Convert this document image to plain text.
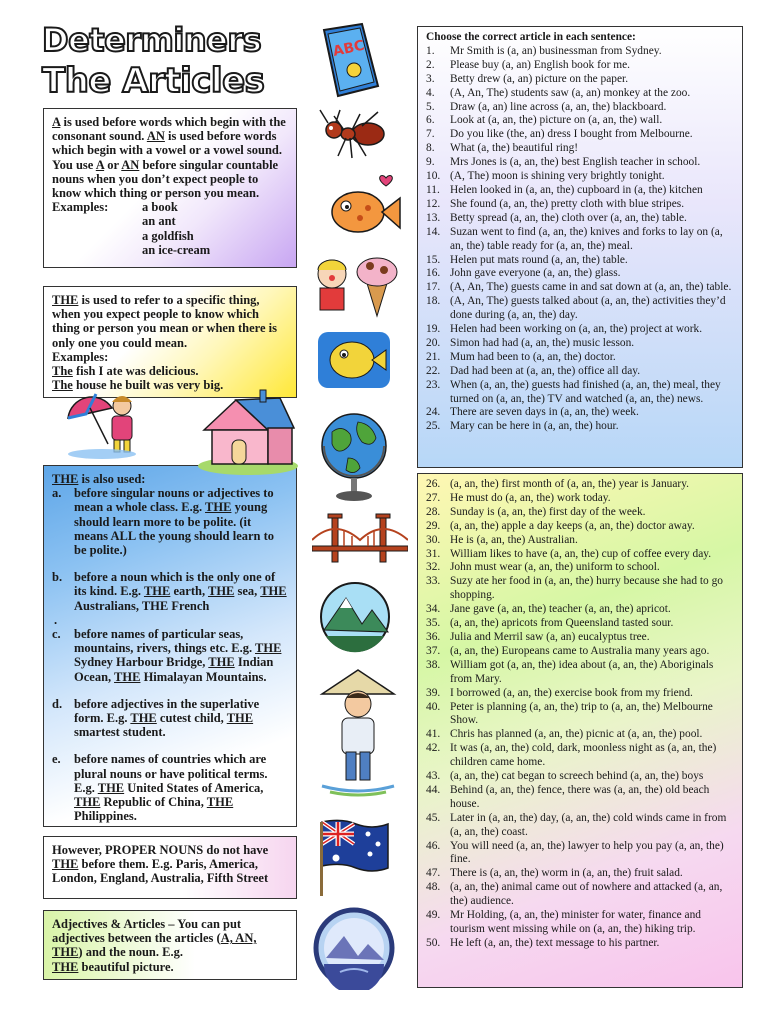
Determiners
The Articles
A is used before words which begin with the consonant sound. AN is used before words which begin with a vowel or a vowel sound. You use A or AN before singular countable nouns when you don’t expect people to know which thing or person you mean.
Examples:	a book
an ant
a goldfish
an ice-cream
THE is used to refer to a specific thing, when you expect people to know which thing or person you mean or when there is only one you could mean.
Examples:
The fish I ate was delicious.
The house he built was very big.
THE is also used:
a.	before singular nouns or adjectives to mean a whole class. E.g. THE young should learn more to be polite. (it means ALL the young should learn to be polite.)
b. before a noun which is the only one of its kind. E.g. THE earth, THE sea, THE Australians, THE French
.
c.	before names of particular seas, mountains, rivers, things etc. E.g. THE Sydney Harbour Bridge, THE Indian Ocean, THE Himalayan Mountains.
d. before adjectives in the superlative form. E.g. THE cutest child, THE smartest student.
e.	before names of countries which are plural nouns or have political terms. E.g. THE United States of America, THE Republic of China, THE Philippines.
However, PROPER NOUNS do not have THE before them. E.g. Paris, America, London, England, Australia, Fifth Street
Adjectives & Articles – You can put adjectives between the articles (A, AN, THE) and the noun. E.g.
THE beautiful picture.
Choose the correct article in each sentence:
1.	Mr Smith is (a, an) businessman from Sydney.
2.	Please buy (a, an) English book for me.
3.	Betty drew (a, an) picture on the paper.
4.	(A, An, The) students saw (a, an) monkey at the zoo.
5.	Draw (a, an) line across (a, an, the) blackboard.
6.	Look at (a, an, the) picture on (a, an, the) wall.
7.	Do you like (the, an) dress I bought from Melbourne.
8.	What (a, the) beautiful ring!
9.	Mrs Jones is (a, an, the) best English teacher in school.
10. (A, The) moon is shining very brightly tonight.
11. Helen looked in (a, an, the) cupboard in (a, the) kitchen
12. She found (a, an, the) pretty cloth with blue stripes.
13. Betty spread (a, an, the) cloth over (a, an, the) table.
14. Suzan went to find (a, an, the) knives and forks to lay on (a, an, the) table ready for (a, an, the) meal.
15. Helen put mats round (a, an, the) table.
16. John gave everyone (a, an, the) glass.
17. (A, An, The) guests came in and sat down at (a, an, the) table.
18. (A, An, The) guests talked about (a, an, the) activities they’d done during (a, an, the) day.
19. Helen had been working on (a, an, the) project at work.
20. Simon had had (a, an, the) music lesson.
21. Mum had been to (a, an, the) doctor.
22. Dad had been at (a, an, the) office all day.
23. When (a, an, the) guests had finished (a, an, the) meal, they turned on (a, an, the) TV and watched (a, an, the) news.
24. There are seven days in (a, an, the) week.
25. Mary can be here in (a, an, the) hour.
26. (a, an, the) first month of (a, an, the) year is January.
27. He must do (a, an, the) work today.
28. Sunday is (a, an, the) first day of the week.
29. (a, an, the) apple a day keeps (a, an, the) doctor away.
30. He is (a, an, the) Australian.
31. William likes to have (a, an, the) cup of coffee every day.
32. John must wear (a, an, the) uniform to school.
33. Suzy ate her food in (a, an, the) hurry because she had to go shopping.
34. Jane gave (a, an, the) teacher (a, an, the) apricot.
35. (a, an, the) apricots from Queensland tasted sour.
36. Julia and Merril saw (a, an) eucalyptus tree.
37. (a, an, the) Europeans came to Australia many years ago.
38. William got (a, an, the) idea about (a, an, the) Aboriginals from Mary.
39. I borrowed (a, an, the) exercise book from my friend.
40. Peter is planning (a, an, the) trip to (a, an, the) Melbourne Show.
41. Chris has planned (a, an, the) picnic at (a, an, the) pool.
42. It was (a, an, the) cold, dark, moonless night as (a, an, the) children came home.
43. (a, an, the) cat began to screech behind (a, an, the) boys
44. Behind (a, an, the) fence, there was (a, an, the) old beach house.
45. Later in (a, an, the) day, (a, an, the) cold winds came in from (a, an, the) coast.
46. You will need (a, an, the) lawyer to help you pay (a, an, the) fine.
47. There is (a, an, the) worm in (a, an, the) fruit salad.
48. (a, an, the) animal came out of nowhere and attacked (a, an, the) audience.
49. Mr Holding, (a, an, the) minister for water, finance and tourism went missing while on (a, an, the) hiking trip.
50. He left (a, an, the) text message to his partner.
ABC
